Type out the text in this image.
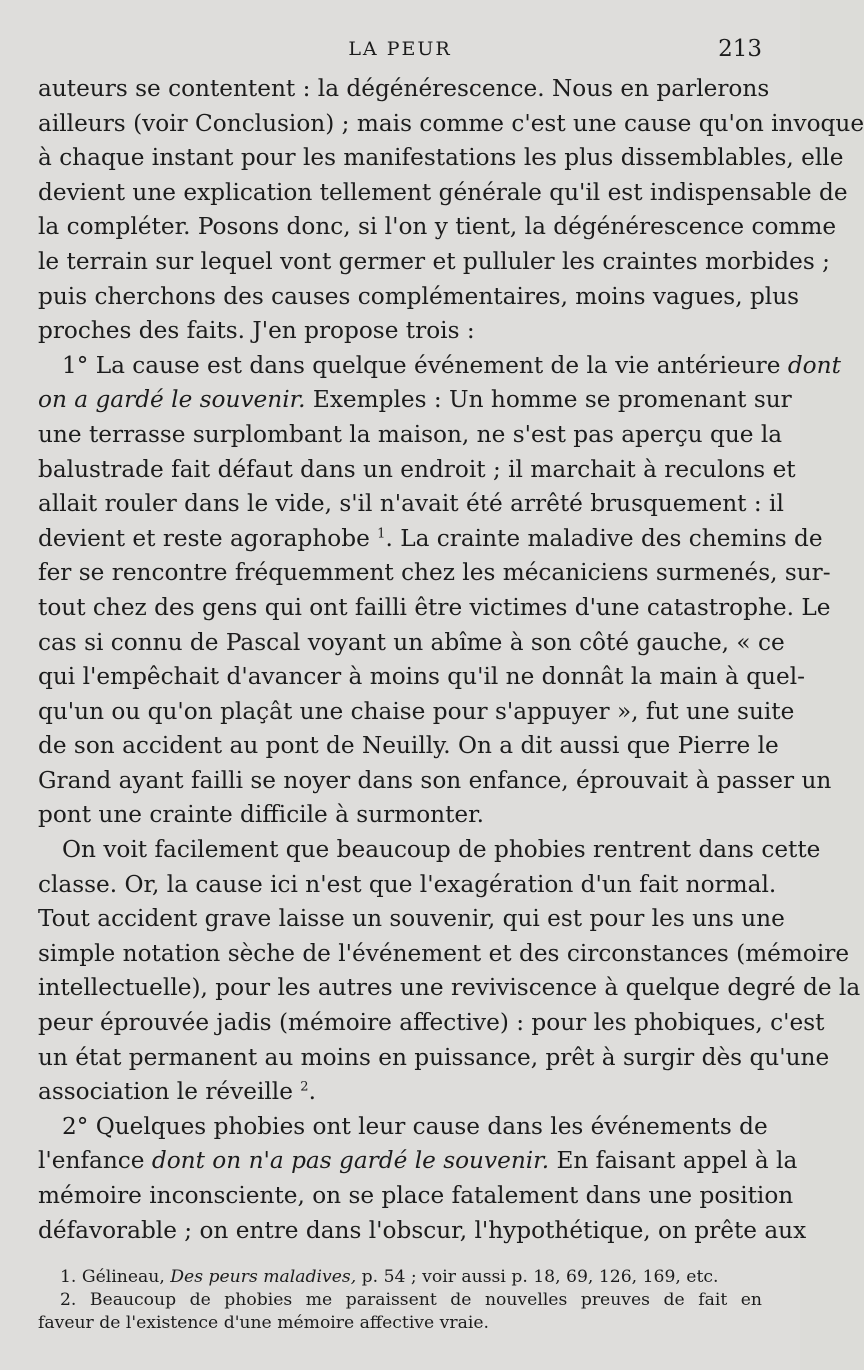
LA PEUR	213
auteurs se contentent : la dégénérescence. Nous en parlerons
ailleurs (voir Conclusion) ; mais comme c'est une cause qu'on invoque
à chaque instant pour les manifestations les plus dissemblables, elle
devient une explication tellement générale qu'il est indispensable de
la compléter. Posons donc, si l'on y tient, la dégénérescence comme
le terrain sur lequel vont germer et pulluler les craintes morbides ;
puis cherchons des causes complémentaires, moins vagues, plus
proches des faits. J'en propose trois :
1° La cause est dans quelque événement de la vie antérieure dont
on a gardé le souvenir. Exemples : Un homme se promenant sur
une terrasse surplombant la maison, ne s'est pas aperçu que la
balustrade fait défaut dans un endroit ; il marchait à reculons et
allait rouler dans le vide, s'il n'avait été arrêté brusquement : il
devient et reste agoraphobe $^1$. La crainte maladive des chemins de
fer se rencontre fréquemment chez les mécaniciens surmenés, sur-
tout chez des gens qui ont failli être victimes d'une catastrophe. Le
cas si connu de Pascal voyant un abîme à son côté gauche, « ce
qui l'empêchait d'avancer à moins qu'il ne donnât la main à quel-
qu'un ou qu'on plaçât une chaise pour s'appuyer », fut une suite
de son accident au pont de Neuilly. On a dit aussi que Pierre le
Grand ayant failli se noyer dans son enfance, éprouvait à passer un
pont une crainte difficile à surmonter.
On voit facilement que beaucoup de phobies rentrent dans cette
classe. Or, la cause ici n'est que l'exagération d'un fait normal.
Tout accident grave laisse un souvenir, qui est pour les uns une
simple notation sèche de l'événement et des circonstances (mémoire
intellectuelle), pour les autres une reviviscence à quelque degré de la
peur éprouvée jadis (mémoire affective) : pour les phobiques, c'est
un état permanent au moins en puissance, prêt à surgir dès qu'une
association le réveille $^2$.
2° Quelques phobies ont leur cause dans les événements de
l'enfance dont on n'a pas gardé le souvenir. En faisant appel à la
mémoire inconsciente, on se place fatalement dans une position
défavorable ; on entre dans l'obscur, l'hypothétique, on prête aux
1. Gélineau, Des peurs maladives, p. 54 ; voir aussi p. 18, 69, 126, 169, etc.
2. Beaucoup de phobies me paraissent de nouvelles preuves de fait en
faveur de l'existence d'une mémoire affective vraie.
